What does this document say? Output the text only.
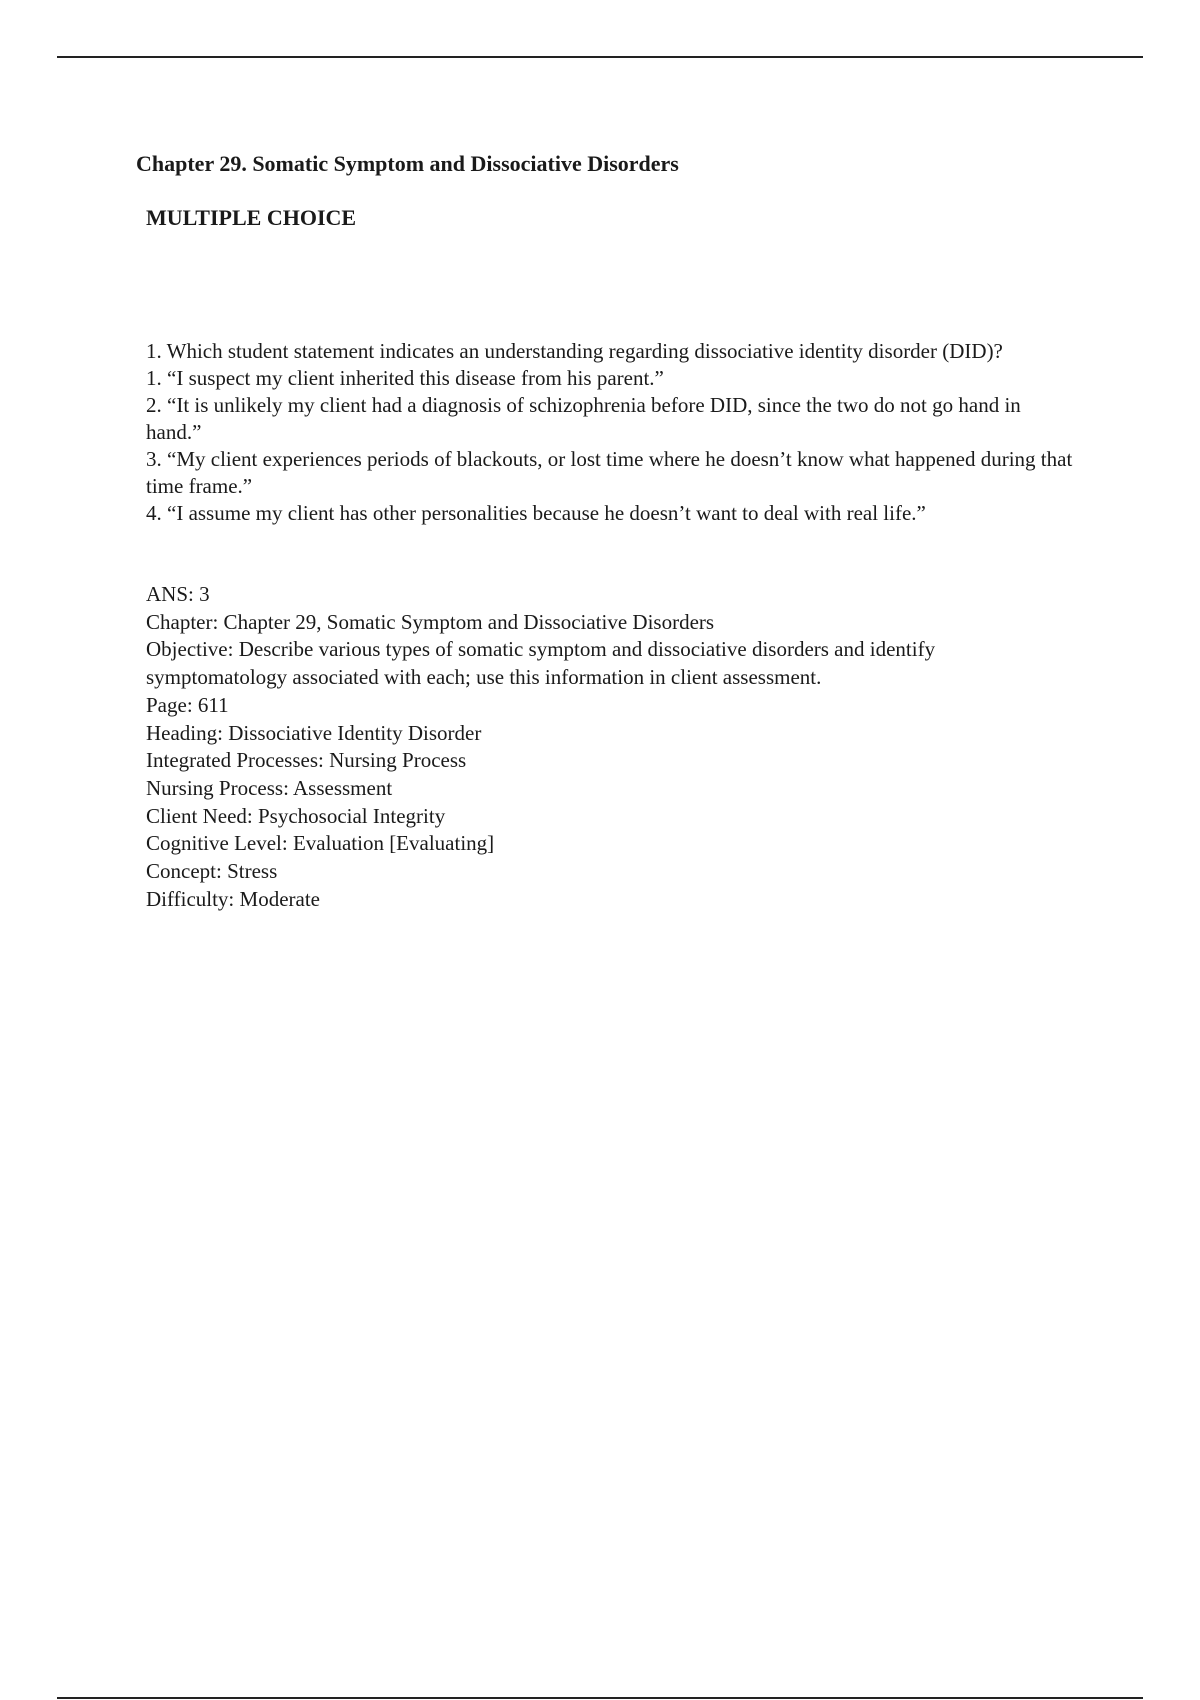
Chapter 29. Somatic Symptom and Dissociative Disorders
MULTIPLE CHOICE

1. Which student statement indicates an understanding regarding dissociative identity disorder (DID)?

1. “I suspect my client inherited this disease from his parent.”

2. “It is unlikely my client had a diagnosis of schizophrenia before DID, since the two do not go hand in hand.”

3. “My client experiences periods of blackouts, or lost time where he doesn’t know what happened during that time frame.”

4. “I assume my client has other personalities because he doesn’t want to deal with real life.”

ANS: 3

Chapter: Chapter 29, Somatic Symptom and Dissociative Disorders

Objective: Describe various types of somatic symptom and dissociative disorders and identify symptomatology associated with each; use this information in client assessment.

Page: 611

Heading: Dissociative Identity Disorder

Integrated Processes: Nursing Process

Nursing Process: Assessment

Client Need: Psychosocial Integrity

Cognitive Level: Evaluation [Evaluating]

Concept: Stress

Difficulty: Moderate
